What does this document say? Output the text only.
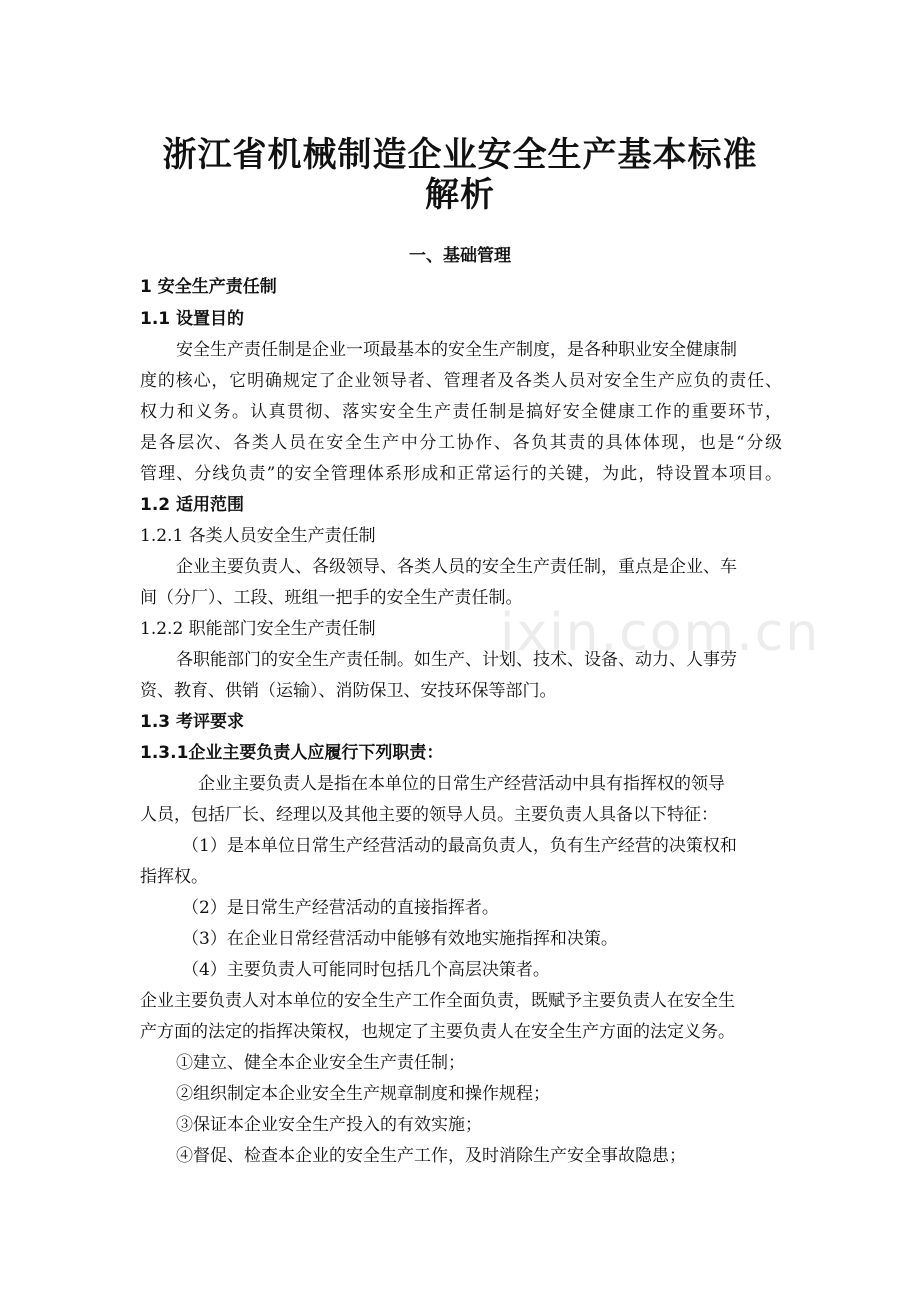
浙江省机械制造企业安全生产基本标准
解析
一、基础管理
1 安全生产责任制
1.1 设置目的
安全生产责任制是企业一项最基本的安全生产制度，是各种职业安全健康制
度的核心，它明确规定了企业领导者、管理者及各类人员对安全生产应负的责任、
权力和义务。认真贯彻、落实安全生产责任制是搞好安全健康工作的重要环节，
是各层次、各类人员在安全生产中分工协作、各负其责的具体体现，也是“分级
管理、分线负责”的安全管理体系形成和正常运行的关键，为此，特设置本项目。
1.2 适用范围
1.2.1 各类人员安全生产责任制
企业主要负责人、各级领导、各类人员的安全生产责任制，重点是企业、车
间（分厂）、工段、班组一把手的安全生产责任制。
1.2.2 职能部门安全生产责任制
各职能部门的安全生产责任制。如生产、计划、技术、设备、动力、人事劳
资、教育、供销（运输）、消防保卫、安技环保等部门。
1.3 考评要求
1.3.1企业主要负责人应履行下列职责：
企业主要负责人是指在本单位的日常生产经营活动中具有指挥权的领导
人员，包括厂长、经理以及其他主要的领导人员。主要负责人具备以下特征：
（1）是本单位日常生产经营活动的最高负责人，负有生产经营的决策权和
指挥权。
（2）是日常生产经营活动的直接指挥者。
（3）在企业日常经营活动中能够有效地实施指挥和决策。
（4）主要负责人可能同时包括几个高层决策者。
企业主要负责人对本单位的安全生产工作全面负责，既赋予主要负责人在安全生
产方面的法定的指挥决策权，也规定了主要负责人在安全生产方面的法定义务。
①建立、健全本企业安全生产责任制；
②组织制定本企业安全生产规章制度和操作规程；
③保证本企业安全生产投入的有效实施；
④督促、检查本企业的安全生产工作，及时消除生产安全事故隐患；
ixin.com.cn
